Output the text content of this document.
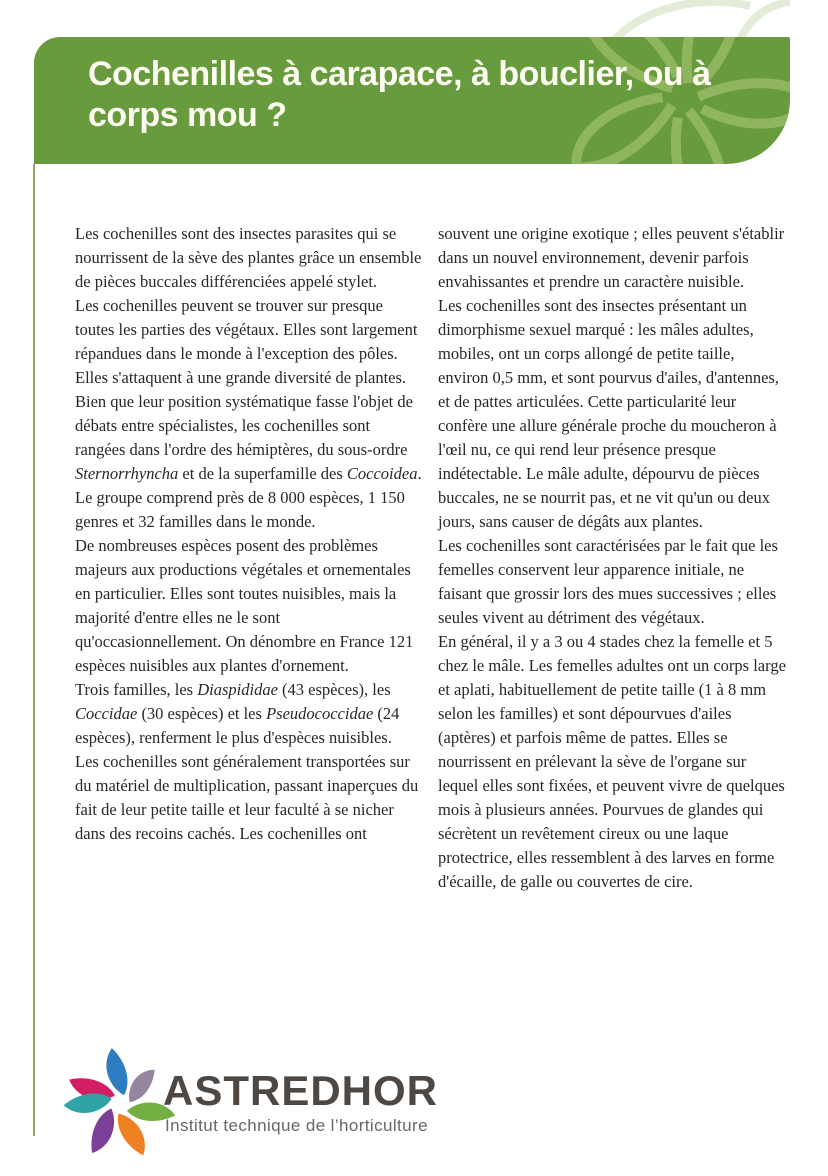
Cochenilles à carapace, à bouclier, ou à
corps mou ?

Les cochenilles sont des insectes parasites qui se nourrissent de la sève des plantes grâce un ensemble de pièces buccales différenciées appelé stylet.

Les cochenilles peuvent se trouver sur presque toutes les parties des végétaux. Elles sont largement répandues dans le monde à l'exception des pôles. Elles s'attaquent à une grande diversité de plantes. Bien que leur position systématique fasse l'objet de débats entre spécialistes, les cochenilles sont rangées dans l'ordre des hémiptères, du sous-ordre Sternorrhyncha et de la superfamille des Coccoidea. Le groupe comprend près de 8 000 espèces, 1 150 genres et 32 familles dans le monde.

De nombreuses espèces posent des problèmes majeurs aux productions végétales et ornementales en particulier. Elles sont toutes nuisibles, mais la majorité d'entre elles ne le sont qu'occasionnellement. On dénombre en France 121 espèces nuisibles aux plantes d'ornement.

Trois familles, les Diaspididae (43 espèces), les Coccidae (30 espèces) et les Pseudococcidae (24 espèces), renferment le plus d'espèces nuisibles.

Les cochenilles sont généralement transportées sur du matériel de multiplication, passant inaperçues du fait de leur petite taille et leur faculté à se nicher dans des recoins cachés. Les cochenilles ont

souvent une origine exotique ; elles peuvent s'établir dans un nouvel environnement, devenir parfois envahissantes et prendre un caractère nuisible.

Les cochenilles sont des insectes présentant un dimorphisme sexuel marqué : les mâles adultes, mobiles, ont un corps allongé de petite taille, environ 0,5 mm, et sont pourvus d'ailes, d'antennes, et de pattes articulées. Cette particularité leur confère une allure générale proche du moucheron à l'œil nu, ce qui rend leur présence presque indétectable. Le mâle adulte, dépourvu de pièces buccales, ne se nourrit pas, et ne vit qu'un ou deux jours, sans causer de dégâts aux plantes.

Les cochenilles sont caractérisées par le fait que les femelles conservent leur apparence initiale, ne faisant que grossir lors des mues successives ; elles seules vivent au détriment des végétaux.

En général, il y a 3 ou 4 stades chez la femelle et 5 chez le mâle. Les femelles adultes ont un corps large et aplati, habituellement de petite taille (1 à 8 mm selon les familles) et sont dépourvues d'ailes (aptères) et parfois même de pattes. Elles se nourrissent en prélevant la sève de l'organe sur lequel elles sont fixées, et peuvent vivre de quelques mois à plusieurs années. Pourvues de glandes qui sécrètent un revêtement cireux ou une laque protectrice, elles ressemblent à des larves en forme d'écaille, de galle ou couvertes de cire.

ASTREDHOR
Institut technique de l’horticulture
